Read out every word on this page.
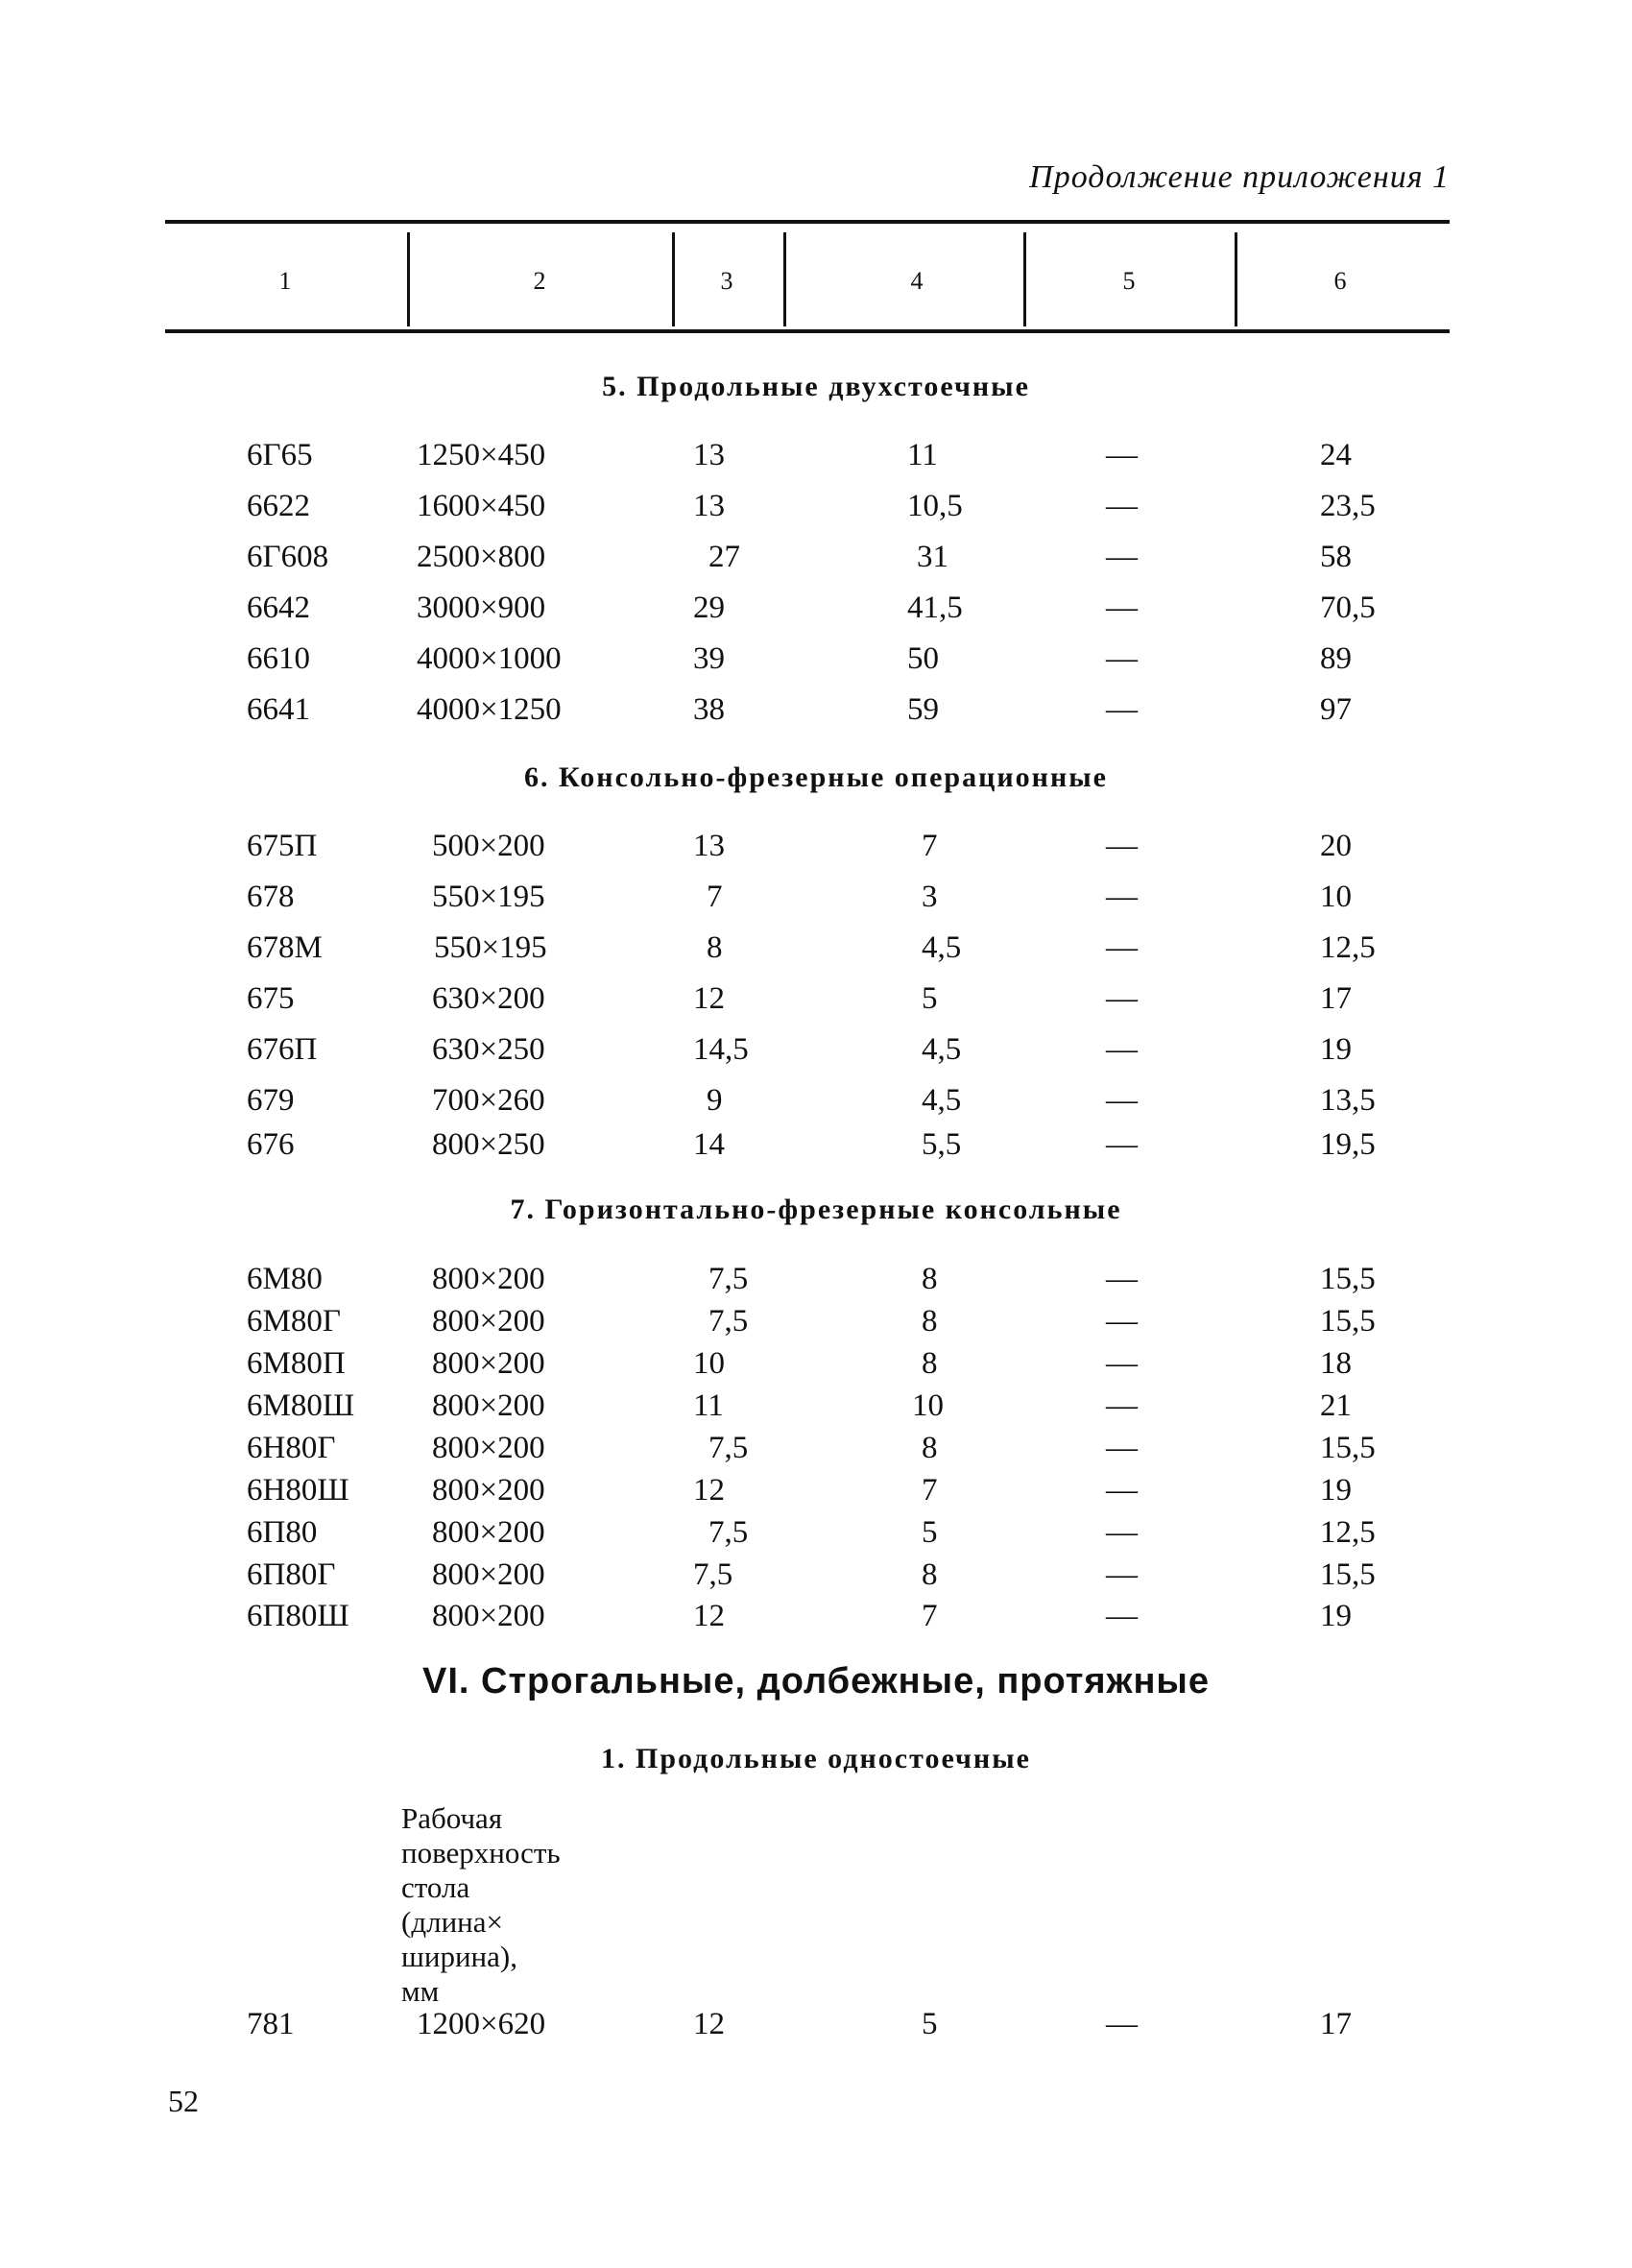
Продолжение приложения 1
1	2	3	4	5	6
5. Продольные двухстоечные
6Г65	1250×450	13	11	—	24
6622	1600×450	13	10,5	—	23,5
6Г608	2500×800	27	31	—	58
6642	3000×900	29	41,5	—	70,5
6610	4000×1000	39	50	—	89
6641	4000×1250	38	59	—	97
6. Консольно-фрезерные операционные
675П	500×200	13	7	—	20
678	550×195	7	3	—	10
678М	550×195	8	4,5	—	12,5
675	630×200	12	5	—	17
676П	630×250	14,5	4,5	—	19
679	700×260	9	4,5	—	13,5
676	800×250	14	5,5	—	19,5
7. Горизонтально-фрезерные консольные
6М80	800×200	7,5	8	—	15,5
6М80Г	800×200	7,5	8	—	15,5
6М80П	800×200	10	8	—	18
6М80Ш 800×200	11	10	—	21
6Н80Г	800×200	7,5	8	—	15,5
6Н80Ш	800×200	12	7	—	19
6П80	800×200	7,5	5	—	12,5
6П80Г	800×200	7,5	8	—	15,5
6П80Ш	800×200	12	7	—	19
VI. Строгальные, долбежные, протяжные
1. Продольные одностоечные
Рабочая
поверхность
стола
(длина×
ширина),
мм
781	1200×620	12	5	—	17
52
